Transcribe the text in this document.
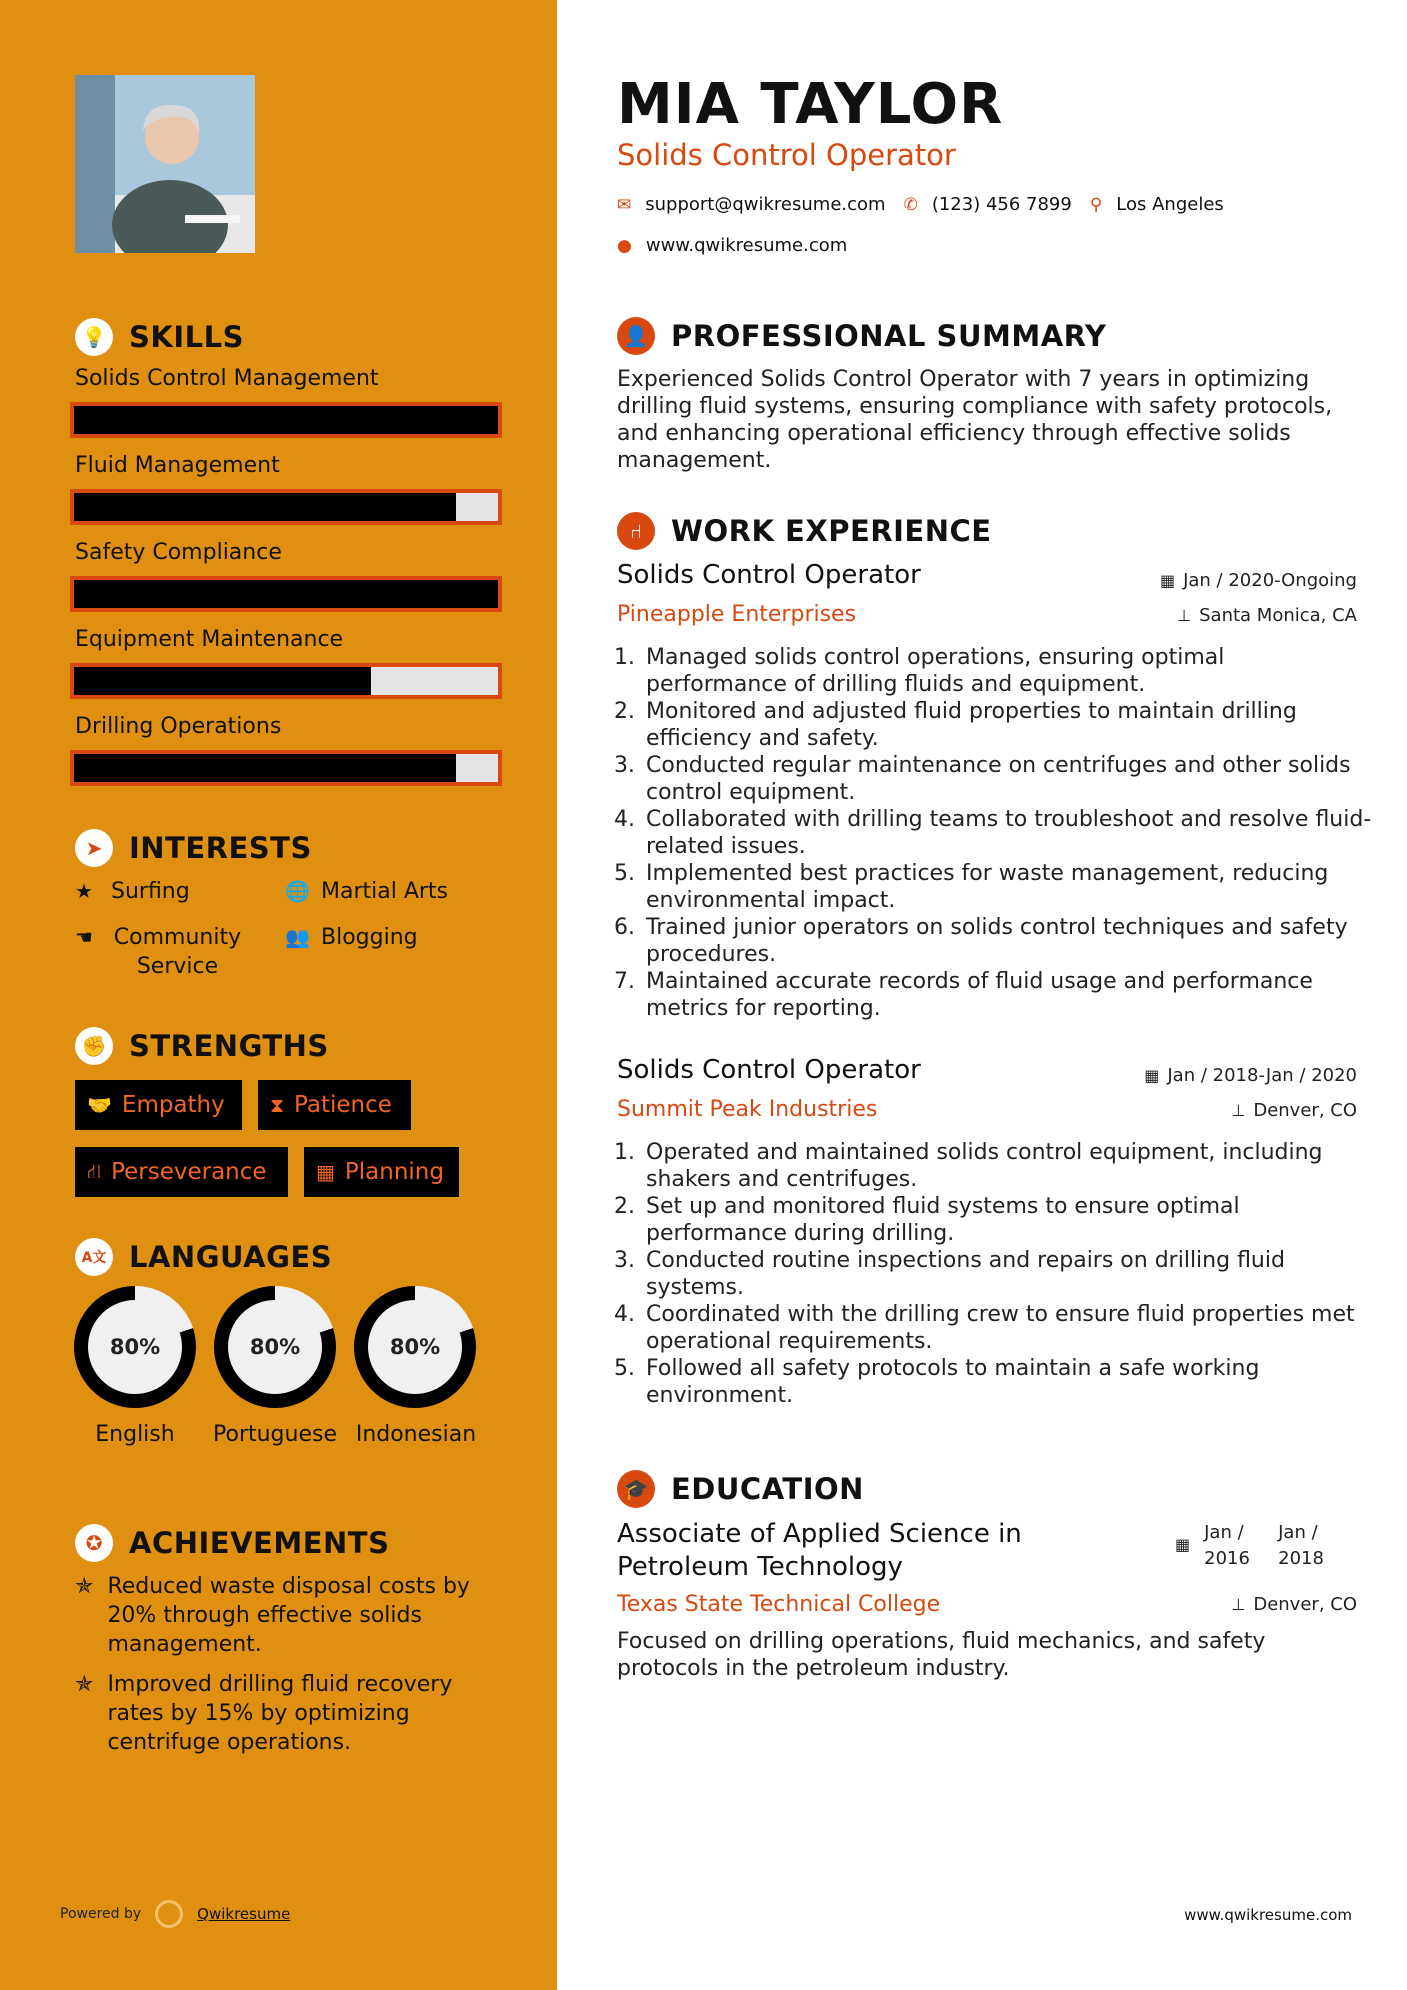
💡 SKILLS
Solids Control Management
Fluid Management
Safety Compliance
Equipment Maintenance
Drilling Operations
➤ INTERESTS
★ Surfing	🌐 Martial Arts
☚ Community Service
👥 Blogging
✊ STRENGTHS
🤝 Empathy ⧗ Patience
⛙ Perseverance ▦ Planning
A文 LANGUAGES
80%
English
80%
Portuguese
80%
Indonesian
✪ ACHIEVEMENTS
✯ Reduced waste disposal costs by 20% through effective solids management.
✯ Improved drilling fluid recovery rates by 15% by optimizing centrifuge operations.
Powered by	Qwikresume
MIA TAYLOR
Solids Control Operator
✉ support@qwikresume.com ✆ (123) 456 7899 ⚲ Los Angeles
● www.qwikresume.com
👤 PROFESSIONAL SUMMARY
Experienced Solids Control Operator with 7 years in optimizing drilling fluid systems, ensuring compliance with safety protocols, and enhancing operational efficiency through effective solids management.
⑁	WORK EXPERIENCE
Solids Control Operator	▦ Jan / 2020-Ongoing
Pineapple Enterprises	⊥ Santa Monica, CA
1. Managed solids control operations, ensuring optimal performance of drilling fluids and equipment.
2. Monitored and adjusted fluid properties to maintain drilling efficiency and safety.
3. Conducted regular maintenance on centrifuges and other solids control equipment.
4. Collaborated with drilling teams to troubleshoot and resolve fluid-related issues.
5. Implemented best practices for waste management, reducing environmental impact.
6. Trained junior operators on solids control techniques and safety procedures.
7. Maintained accurate records of fluid usage and performance metrics for reporting.
Solids Control Operator	▦ Jan / 2018-Jan / 2020
Summit Peak Industries	⊥ Denver, CO
1. Operated and maintained solids control equipment, including shakers and centrifuges.
2. Set up and monitored fluid systems to ensure optimal performance during drilling.
3. Conducted routine inspections and repairs on drilling fluid systems.
4. Coordinated with the drilling crew to ensure fluid properties met operational requirements.
5. Followed all safety protocols to maintain a safe working environment.
🎓 EDUCATION
Associate of Applied Science in Petroleum Technology
▦
Jan / 2016
Jan / 2018
Texas State Technical College	⊥ Denver, CO
Focused on drilling operations, fluid mechanics, and safety protocols in the petroleum industry.
www.qwikresume.com
